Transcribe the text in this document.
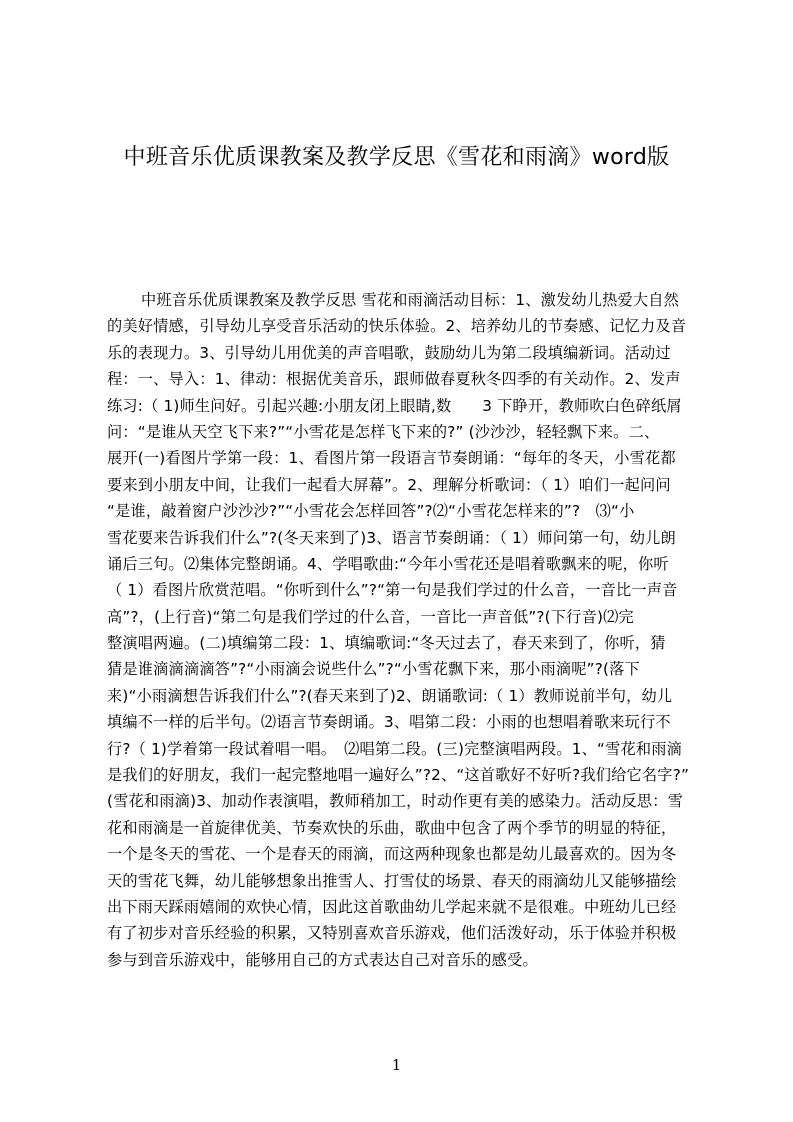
中班音乐优质课教案及教学反思《雪花和雨滴》word版
中班音乐优质课教案及教学反思 雪花和雨滴活动目标：1、激发幼儿热爱大自然
的美好情感，引导幼儿享受音乐活动的快乐体验。2、培养幼儿的节奏感、记忆力及音
乐的表现力。3、引导幼儿用优美的声音唱歌，鼓励幼儿为第二段填编新词。活动过
程：一、导入：1、律动：根据优美音乐，跟师做春夏秋冬四季的有关动作。2、发声
练习:（ 1)师生问好。引起兴趣:小朋友闭上眼睛,数　　3 下睁开，教师吹白色碎纸屑
问：“是谁从天空飞下来?”“小雪花是怎样飞下来的?” (沙沙沙，轻轻飘下来。二、
展开(一)看图片学第一段：1、看图片第一段语言节奏朗诵：“每年的冬天，小雪花都
要来到小朋友中间，让我们一起看大屏幕”。2、理解分析歌词：（ 1）咱们一起问问
“是谁，敲着窗户沙沙沙?”“小雪花会怎样回答”?⑵“小雪花怎样来的”?　⑶“小
雪花要来告诉我们什么”?(冬天来到了)3、语言节奏朗诵：（ 1）师问第一句，幼儿朗
诵后三句。⑵集体完整朗诵。4、学唱歌曲:“今年小雪花还是唱着歌飘来的呢，你听
（ 1）看图片欣赏范唱。“你听到什么”?“第一句是我们学过的什么音，一音比一声音
高”?，(上行音)“第二句是我们学过的什么音，一音比一声音低”?(下行音)⑵完
整演唱两遍。(二)填编第二段：1、填编歌词:“冬天过去了，春天来到了，你听，猜
猜是谁滴滴滴滴答”?“小雨滴会说些什么”?“小雪花飘下来，那小雨滴呢”?(落下
来)“小雨滴想告诉我们什么”?(春天来到了)2、朗诵歌词:（ 1）教师说前半句，幼儿
填编不一样的后半句。⑵语言节奏朗诵。3、唱第二段：小雨的也想唱着歌来玩行不
行?（ 1)学着第一段试着唱一唱。　⑵唱第二段。(三)完整演唱两段。1、“雪花和雨滴
是我们的好朋友，我们一起完整地唱一遍好么”?2、“这首歌好不好听?我们给它名字?”
(雪花和雨滴)3、加动作表演唱，教师稍加工，时动作更有美的感染力。活动反思：雪
花和雨滴是一首旋律优美、节奏欢快的乐曲，歌曲中包含了两个季节的明显的特征，
一个是冬天的雪花、一个是春天的雨滴，而这两种现象也都是幼儿最喜欢的。因为冬
天的雪花飞舞，幼儿能够想象出推雪人、打雪仗的场景、春天的雨滴幼儿又能够描绘
出下雨天踩雨嬉闹的欢快心情，因此这首歌曲幼儿学起来就不是很难。中班幼儿已经
有了初步对音乐经验的积累，又特别喜欢音乐游戏，他们活泼好动，乐于体验并积极
参与到音乐游戏中，能够用自己的方式表达自己对音乐的感受。
1
